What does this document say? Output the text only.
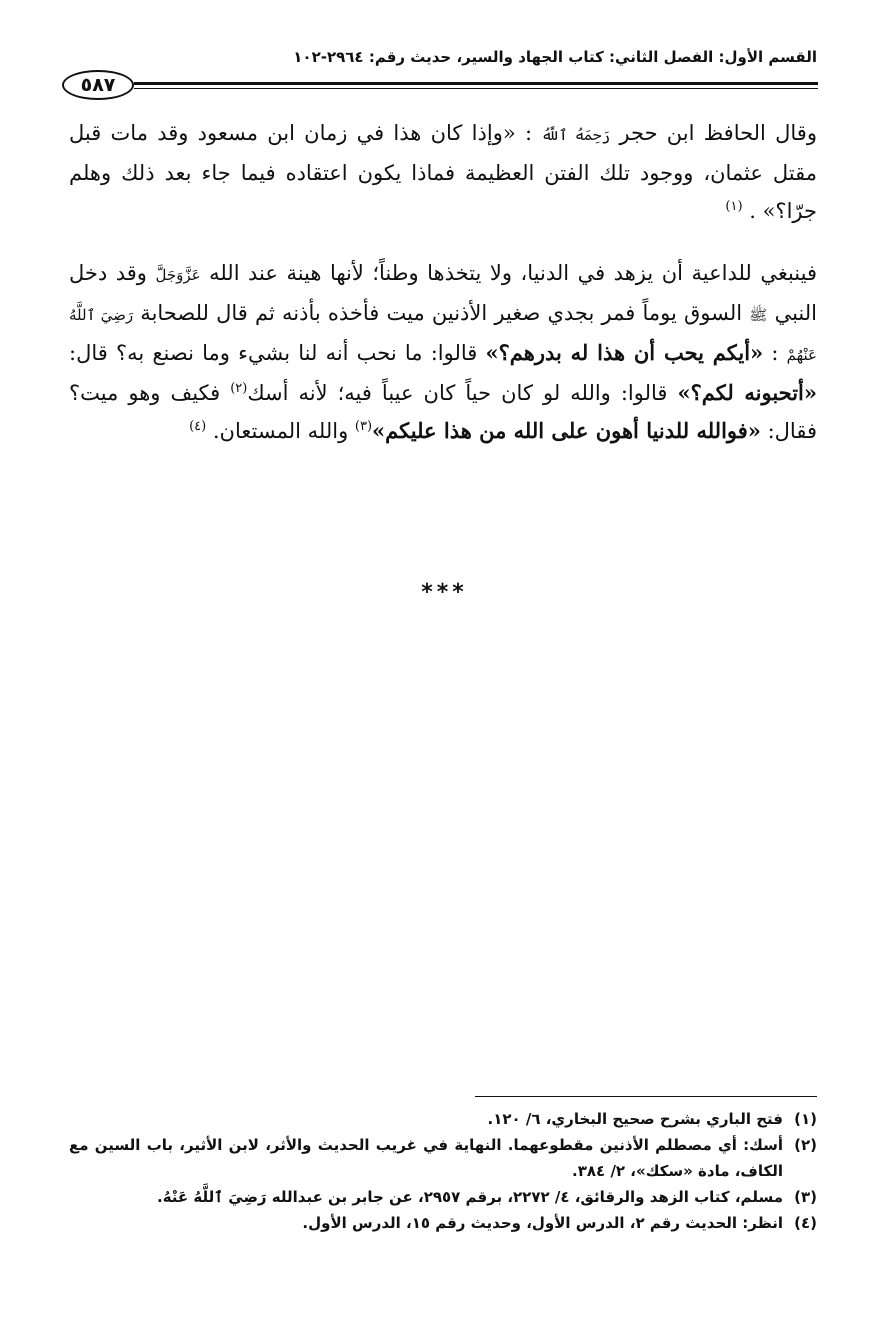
القسم الأول: الفصل الثاني: كتاب الجهاد والسير، حديث رقم: ٢٩٦٤-١٠٢
٥٨٧

وقال الحافظ ابن حجر رَحِمَهُ ٱللَّهُ : «وإذا كان هذا في زمان ابن مسعود وقد مات قبل مقتل عثمان، ووجود تلك الفتن العظيمة فماذا يكون اعتقاده فيما جاء بعد ذلك وهلم جرّا؟» . $^{(١)}$

فينبغي للداعية أن يزهد في الدنيا، ولا يتخذها وطناً؛ لأنها هينة عند الله عَزَّوَجَلَّ وقد دخل النبي ﷺ السوق يوماً فمر بجدي صغير الأذنين ميت فأخذه بأذنه ثم قال للصحابة رَضِيَ ٱللَّهُ عَنْهُمْ : «أيكم يحب أن هذا له بدرهم؟» قالوا: ما نحب أنه لنا بشيء وما نصنع به؟ قال: «أتحبونه لكم؟» قالوا: والله لو كان حياً كان عيباً فيه؛ لأنه أسك$^{(٢)}$ فكيف وهو ميت؟ فقال: «فوالله للدنيا أهون على الله من هذا عليكم»$^{(٣)}$ والله المستعان. $^{(٤)}$

***
(١)
فتح الباري بشرح صحيح البخاري، ٦/ ١٢٠.
(٢)
أسك: أي مصطلم الأذنين مقطوعهما. النهاية في غريب الحديث والأثر، لابن الأثير، باب السين مع الكاف، مادة «سكك»، ٢/ ٣٨٤.
(٣)
مسلم، كتاب الزهد والرقائق، ٤/ ٢٢٧٢، برقم ٢٩٥٧، عن جابر بن عبدالله رَضِيَ ٱللَّهُ عَنْهُ.
(٤)
انظر: الحديث رقم ٢، الدرس الأول، وحديث رقم ١٥، الدرس الأول.
